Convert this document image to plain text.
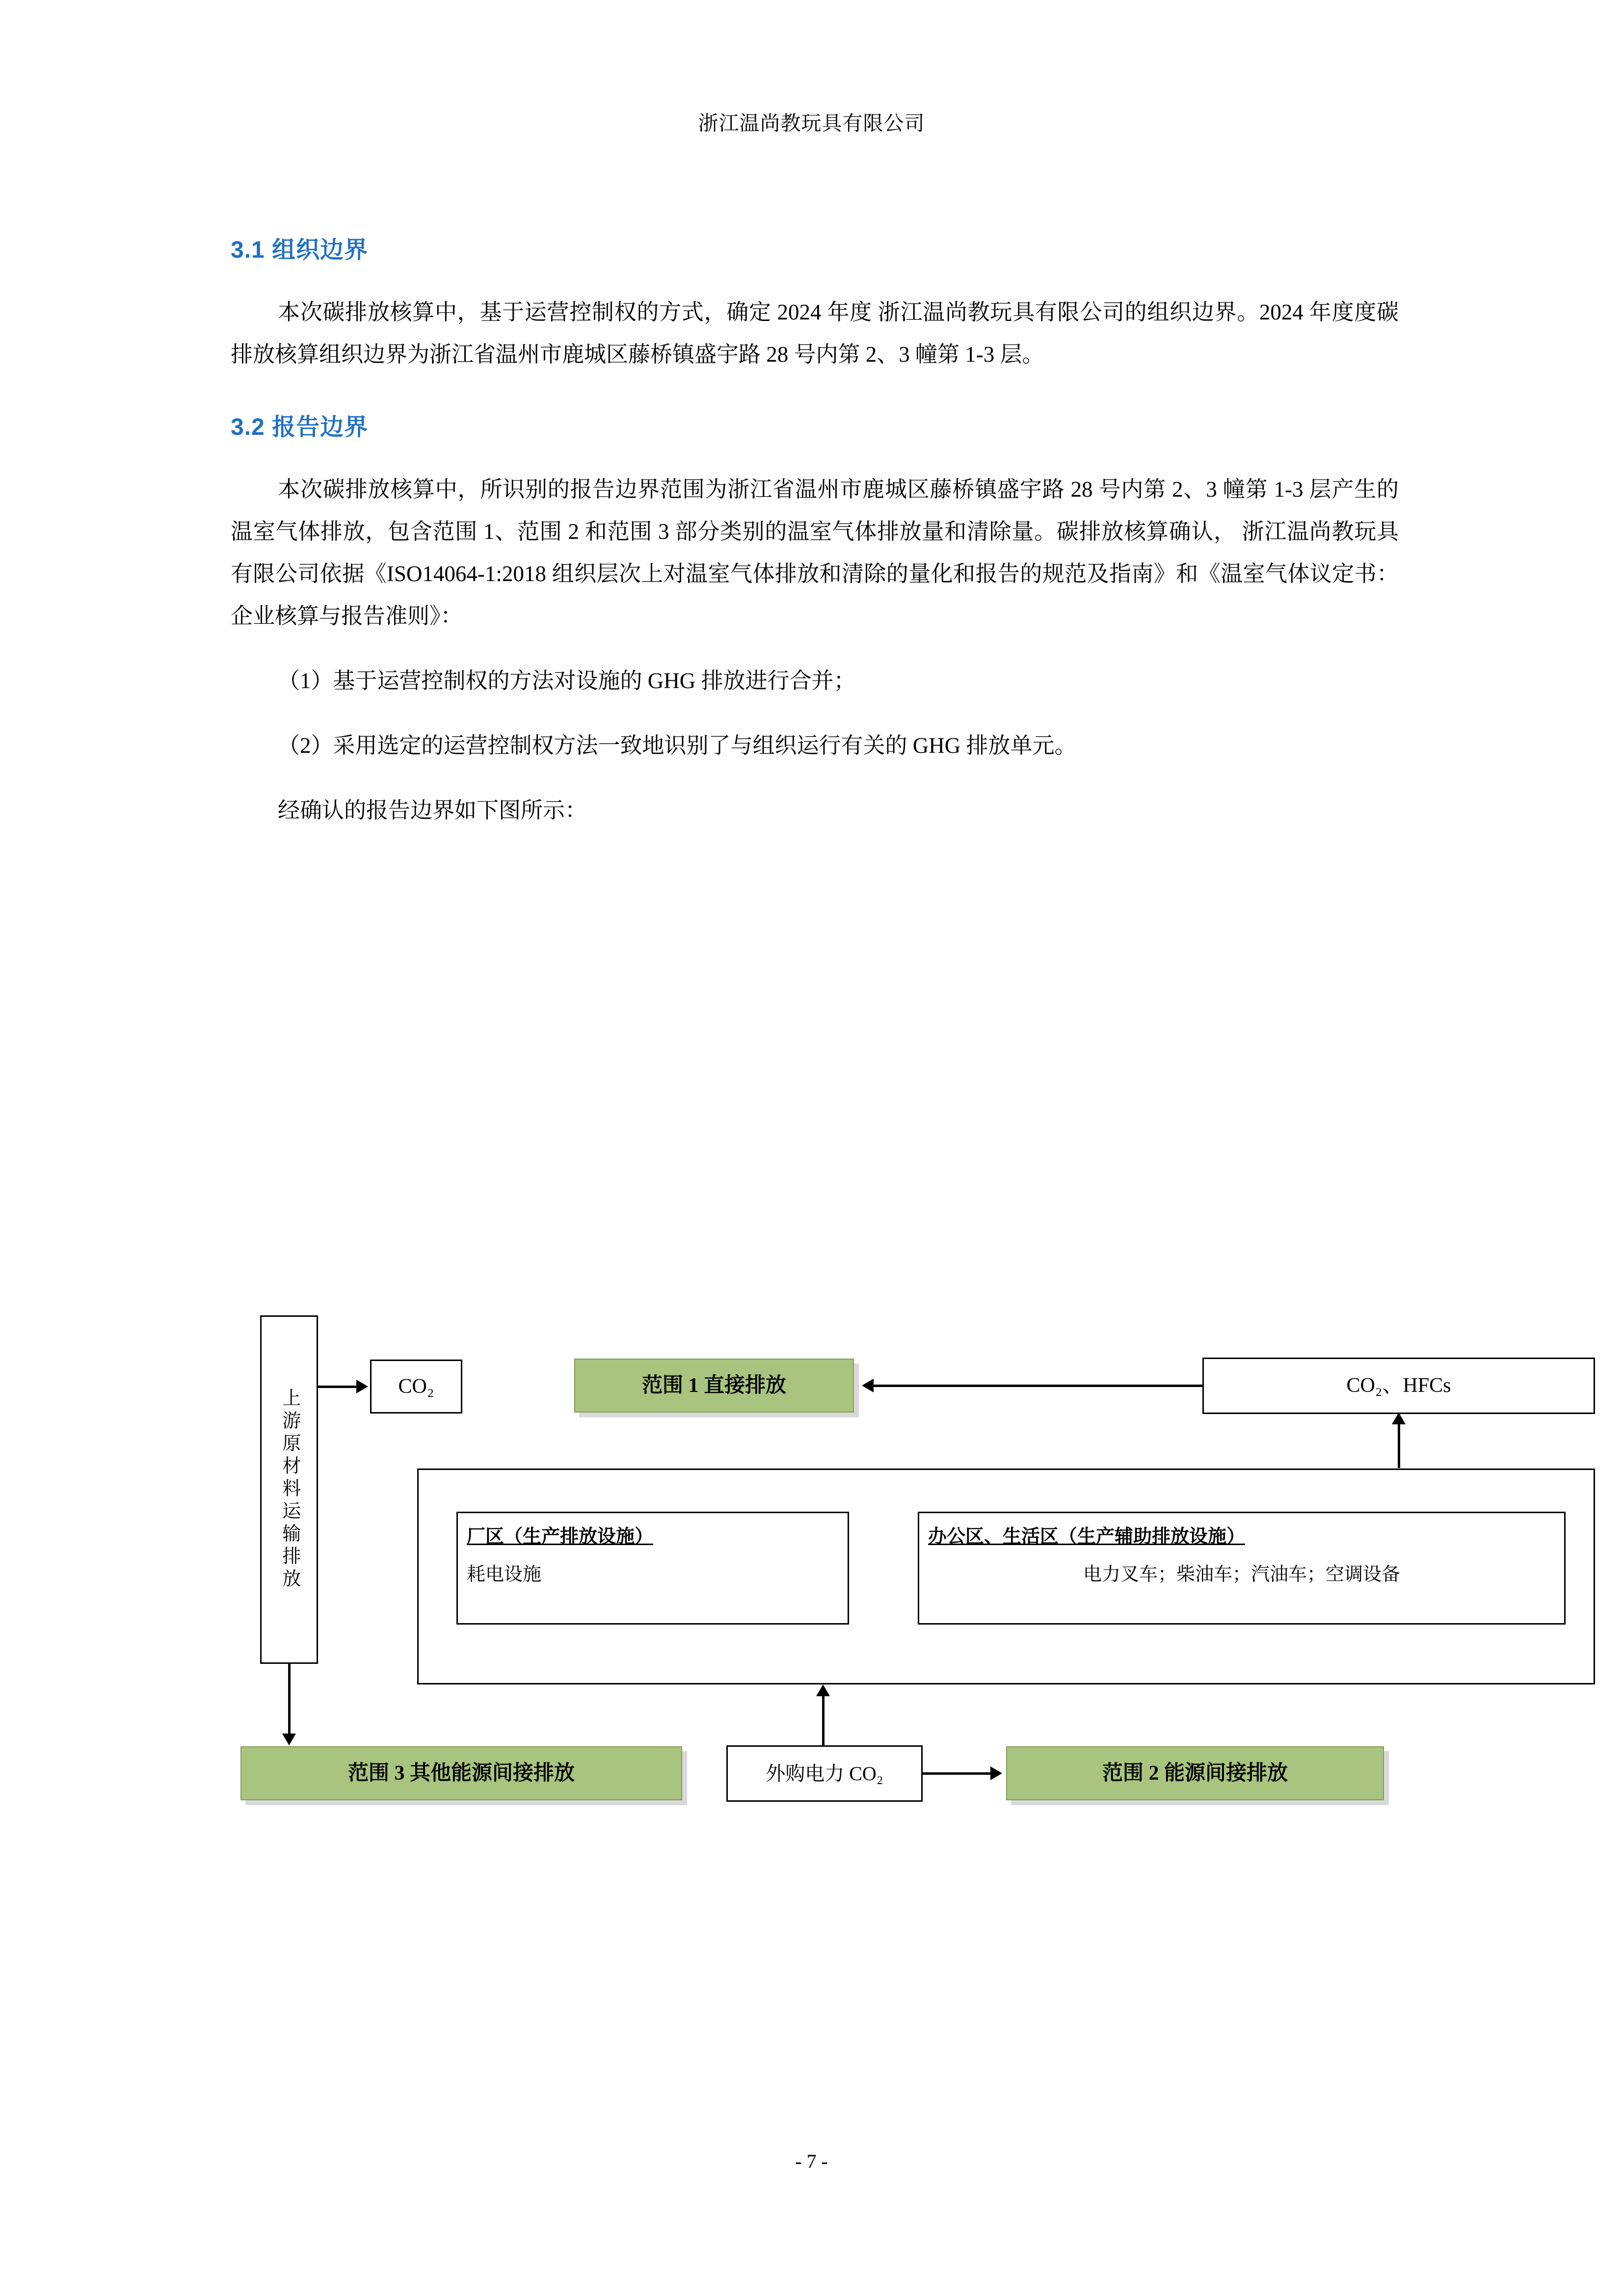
浙江温尚教玩具有限公司
3.1 组织边界

本次碳排放核算中，基于运营控制权的方式，确定 2024 年度 浙江温尚教玩具有限公司的组织边界。2024 年度度碳排放核算组织边界为浙江省温州市鹿城区藤桥镇盛宇路 28 号内第 2、3 幢第 1-3 层。

3.2 报告边界

本次碳排放核算中，所识别的报告边界范围为浙江省温州市鹿城区藤桥镇盛宇路 28 号内第 2、3 幢第 1-3 层产生的温室气体排放，包含范围 1、范围 2 和范围 3 部分类别的温室气体排放量和清除量。碳排放核算确认， 浙江温尚教玩具有限公司依据《ISO14064-1:2018 组织层次上对温室气体排放和清除的量化和报告的规范及指南》和《温室气体议定书：企业核算与报告准则》：

（1）基于运营控制权的方法对设施的 GHG 排放进行合并；

（2）采用选定的运营控制权方法一致地识别了与组织运行有关的 GHG 排放单元。

经确认的报告边界如下图所示：

上游原材料运输排放
CO₂	范围 1 直接排放	CO₂、HFCs
厂区（生产排放设施）
耗电设施
办公区、生活区（生产辅助排放设施）
电力叉车；柴油车；汽油车；空调设备
范围 3 其他能源间接排放	外购电力 CO₂	范围 2 能源间接排放
- 7 -
